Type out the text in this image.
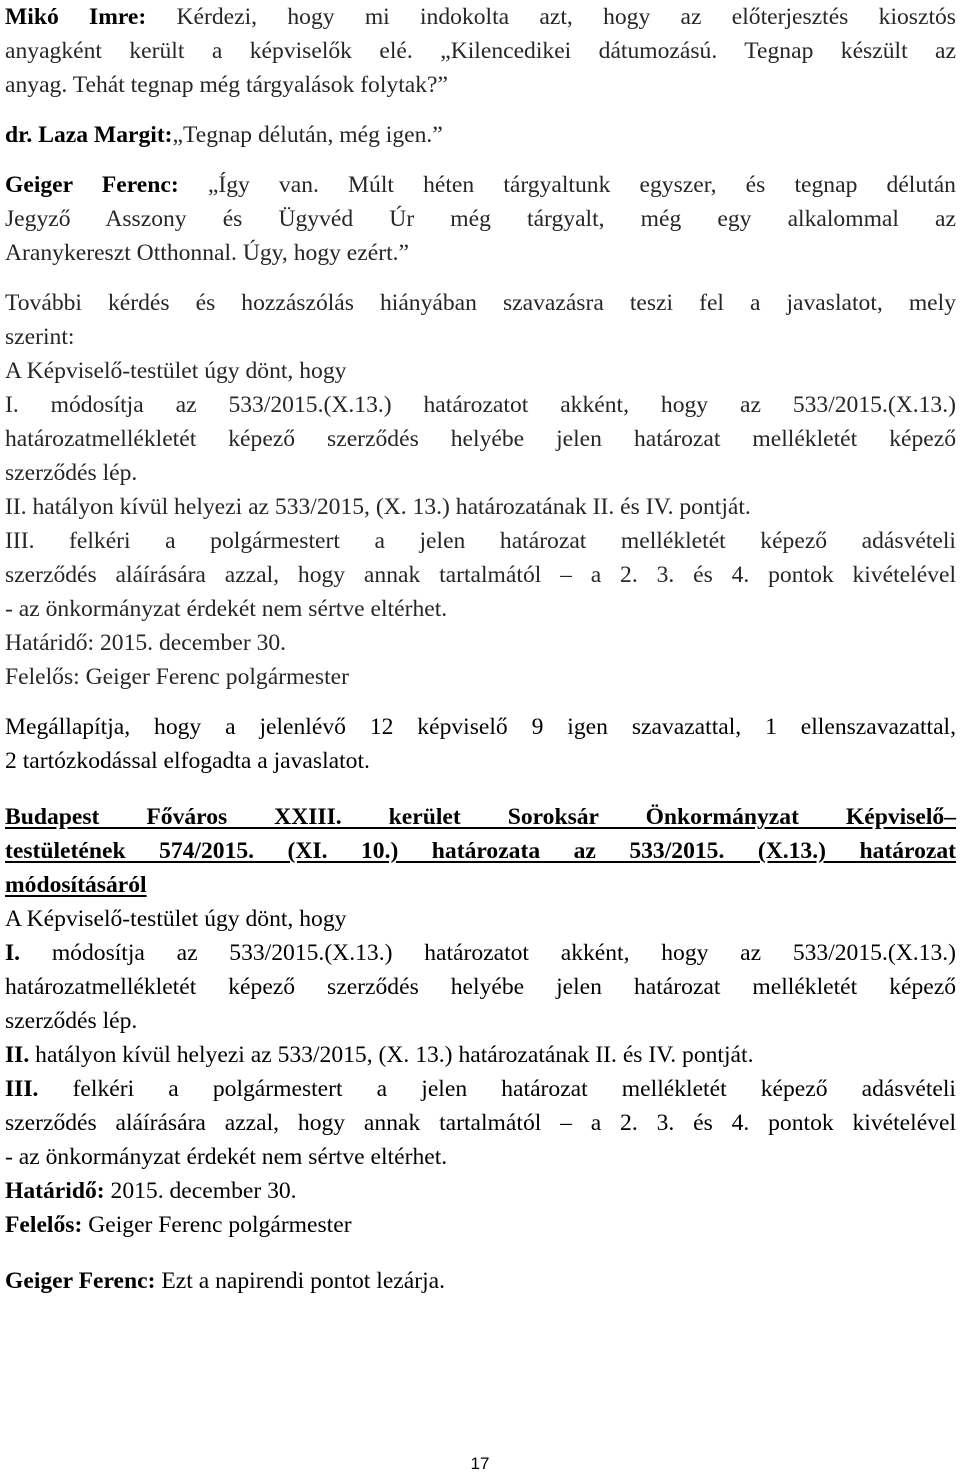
Mikó Imre: Kérdezi, hogy mi indokolta azt, hogy az előterjesztés kiosztós
anyagként került a képviselők elé. „Kilencedikei dátumozású. Tegnap készült az
anyag. Tehát tegnap még tárgyalások folytak?”
dr. Laza Margit:„Tegnap délután, még igen.”
Geiger Ferenc: „Így van. Múlt héten tárgyaltunk egyszer, és tegnap délután
Jegyző Asszony és Ügyvéd Úr még tárgyalt, még egy alkalommal az
Aranykereszt Otthonnal. Úgy, hogy ezért.”
További kérdés és hozzászólás hiányában szavazásra teszi fel a javaslatot, mely
szerint:
A Képviselő-testület úgy dönt, hogy
I. módosítja az 533/2015.(X.13.) határozatot akként, hogy az 533/2015.(X.13.)
határozatmellékletét képező szerződés helyébe jelen határozat mellékletét képező
szerződés lép.
II. hatályon kívül helyezi az 533/2015, (X. 13.) határozatának II. és IV. pontját.
III. felkéri a polgármestert a jelen határozat mellékletét képező adásvételi
szerződés aláírására azzal, hogy annak tartalmától – a 2. 3. és 4. pontok kivételével
- az önkormányzat érdekét nem sértve eltérhet.
Határidő: 2015. december 30.
Felelős: Geiger Ferenc polgármester
Megállapítja, hogy a jelenlévő 12 képviselő 9 igen szavazattal, 1 ellenszavazattal,
2 tartózkodással elfogadta a javaslatot.
Budapest Főváros XXIII. kerület Soroksár Önkormányzat Képviselő–
testületének 574/2015. (XI. 10.) határozata az 533/2015. (X.13.) határozat
módosításáról
A Képviselő-testület úgy dönt, hogy
I. módosítja az 533/2015.(X.13.) határozatot akként, hogy az 533/2015.(X.13.)
határozatmellékletét képező szerződés helyébe jelen határozat mellékletét képező
szerződés lép.
II. hatályon kívül helyezi az 533/2015, (X. 13.) határozatának II. és IV. pontját.
III. felkéri a polgármestert a jelen határozat mellékletét képező adásvételi
szerződés aláírására azzal, hogy annak tartalmától – a 2. 3. és 4. pontok kivételével
- az önkormányzat érdekét nem sértve eltérhet.
Határidő: 2015. december 30.
Felelős: Geiger Ferenc polgármester
Geiger Ferenc: Ezt a napirendi pontot lezárja.
17
